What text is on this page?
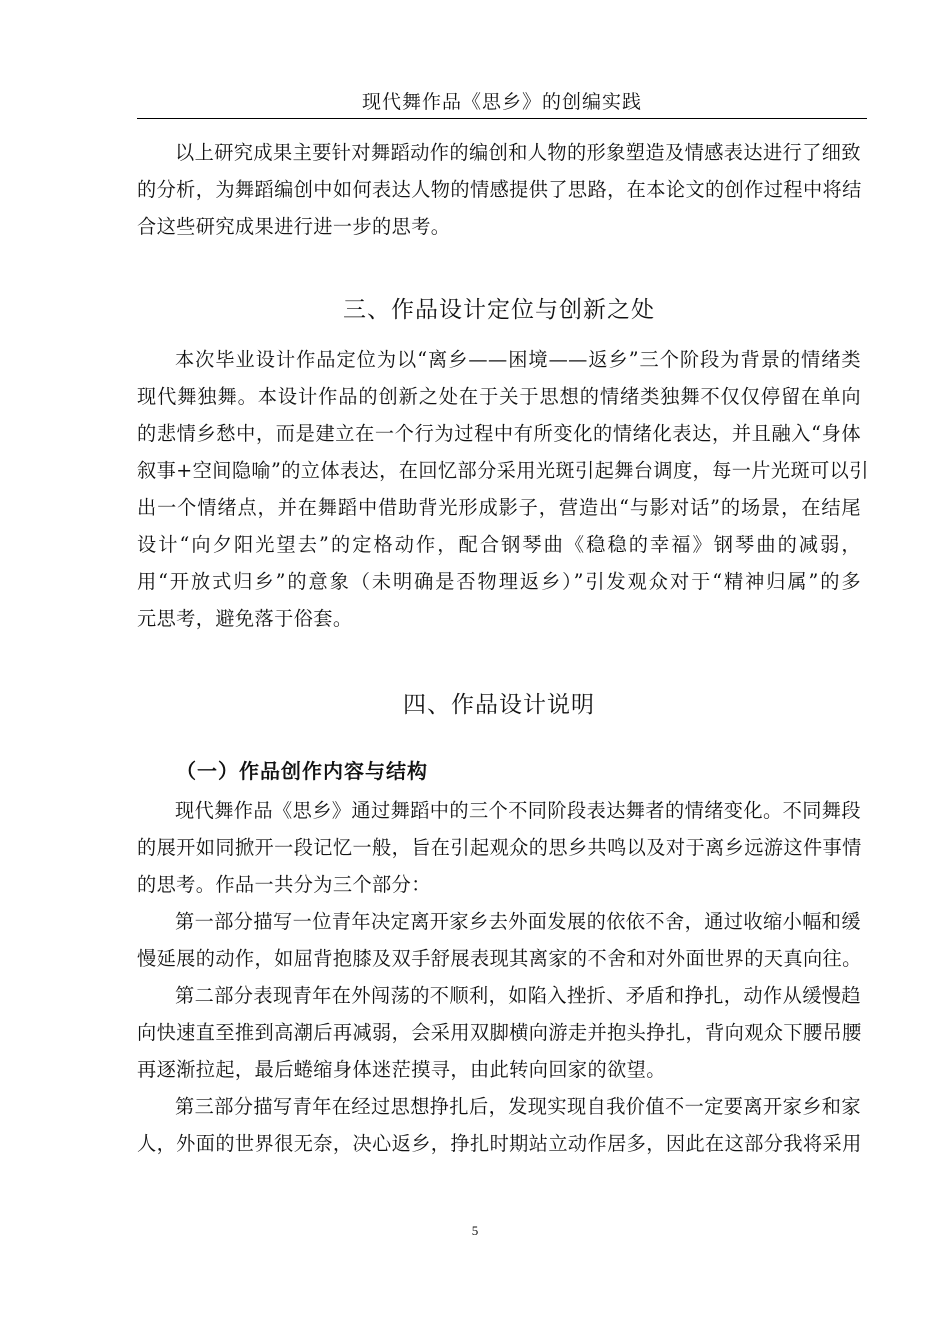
现代舞作品《思乡》的创编实践
以上研究成果主要针对舞蹈动作的编创和人物的形象塑造及情感表达进行了细致
的分析，为舞蹈编创中如何表达人物的情感提供了思路，在本论文的创作过程中将结
合这些研究成果进行进一步的思考。
三、作品设计定位与创新之处
本次毕业设计作品定位为以“离乡——困境——返乡”三个阶段为背景的情绪类
现代舞独舞。本设计作品的创新之处在于关于思想的情绪类独舞不仅仅停留在单向
的悲情乡愁中，而是建立在一个行为过程中有所变化的情绪化表达，并且融入“身体
叙事+空间隐喻”的立体表达，在回忆部分采用光斑引起舞台调度，每一片光斑可以引
出一个情绪点，并在舞蹈中借助背光形成影子，营造出“与影对话”的场景，在结尾
设计“向夕阳光望去”的定格动作，配合钢琴曲《稳稳的幸福》钢琴曲的减弱，
用“开放式归乡”的意象（未明确是否物理返乡）”引发观众对于“精神归属”的多
元思考，避免落于俗套。
四、作品设计说明
（一）作品创作内容与结构
现代舞作品《思乡》通过舞蹈中的三个不同阶段表达舞者的情绪变化。不同舞段
的展开如同掀开一段记忆一般，旨在引起观众的思乡共鸣以及对于离乡远游这件事情
的思考。作品一共分为三个部分：
第一部分描写一位青年决定离开家乡去外面发展的依依不舍，通过收缩小幅和缓
慢延展的动作，如屈背抱膝及双手舒展表现其离家的不舍和对外面世界的天真向往。
第二部分表现青年在外闯荡的不顺利，如陷入挫折、矛盾和挣扎，动作从缓慢趋
向快速直至推到高潮后再减弱，会采用双脚横向游走并抱头挣扎，背向观众下腰吊腰
再逐渐拉起，最后蜷缩身体迷茫摸寻，由此转向回家的欲望。
第三部分描写青年在经过思想挣扎后，发现实现自我价值不一定要离开家乡和家
人，外面的世界很无奈，决心返乡，挣扎时期站立动作居多，因此在这部分我将采用
5
